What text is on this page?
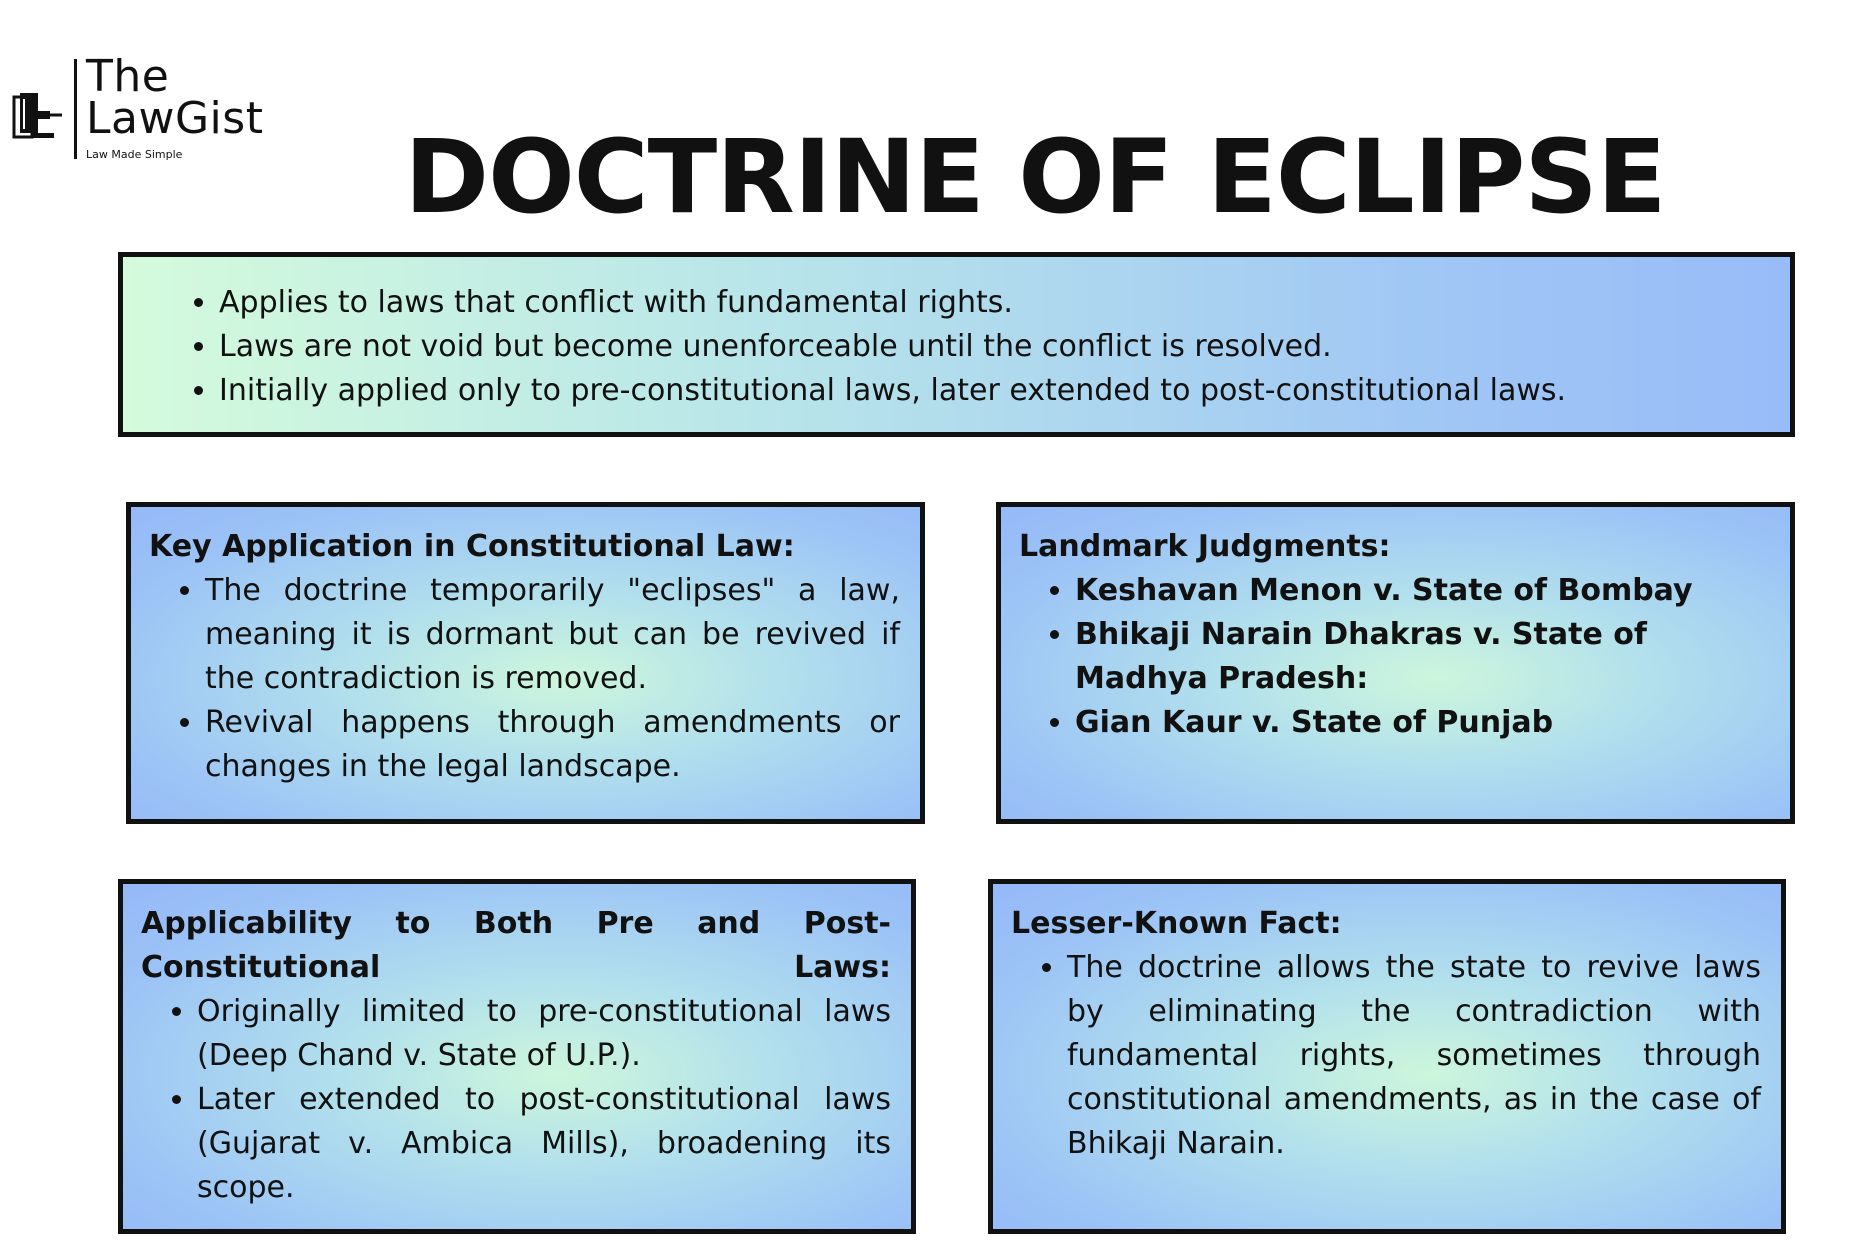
The
LawGist
Law Made Simple	DOCTRINE OF ECLIPSE
• Applies to laws that conflict with fundamental rights.
• Laws are not void but become unenforceable until the conflict is resolved.
• Initially applied only to pre-constitutional laws, later extended to post-constitutional laws.
Key Application in Constitutional Law:
• The doctrine temporarily "eclipses" a law, meaning it is dormant but can be revived if the contradiction is removed.
• Revival happens through amendments or changes in the legal landscape.
Landmark Judgments:
• Keshavan Menon v. State of Bombay
• Bhikaji Narain Dhakras v. State of Madhya Pradesh:
• Gian Kaur v. State of Punjab
Applicability to Both Pre and Post-Constitutional Laws:
• Originally limited to pre-constitutional laws (Deep Chand v. State of U.P.).
• Later extended to post-constitutional laws (Gujarat v. Ambica Mills), broadening its scope.
Lesser-Known Fact:
• The doctrine allows the state to revive laws by eliminating the contradiction with fundamental rights, sometimes through constitutional amendments, as in the case of Bhikaji Narain.
